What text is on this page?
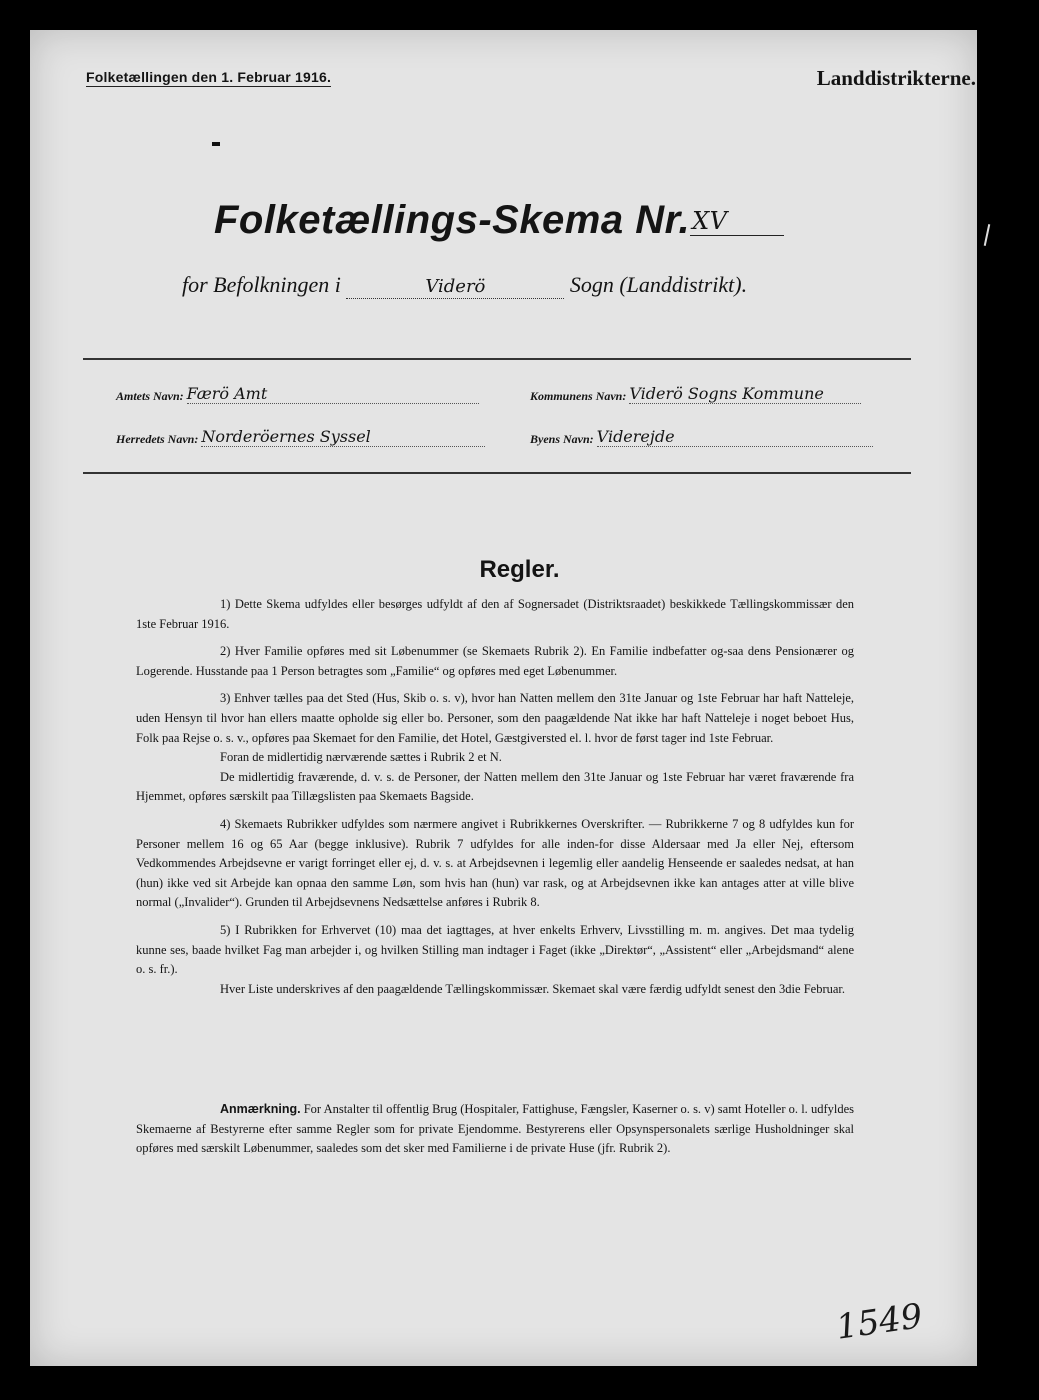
Folketællingen den 1. Februar 1916.	Landdistrikterne.
Folketællings-Skema Nr.XV
for Befolkningen i	Viderö	Sogn (Landdistrikt).
Amtets Navn: Færö Amt	Kommunens Navn: Viderö Sogns Kommune
Herredets Navn: Norderöernes Syssel	Byens Navn: Viderejde
Regler.

1) Dette Skema udfyldes eller besørges udfyldt af den af Sognersadet (Distriktsraadet) beskikkede Tællingskommissær den 1ste Februar 1916.

2) Hver Familie opføres med sit Løbenummer (se Skemaets Rubrik 2). En Familie indbefatter og-saa dens Pensionærer og Logerende. Husstande paa 1 Person betragtes som „Familie“ og opføres med eget Løbenummer.

3) Enhver tælles paa det Sted (Hus, Skib o. s. v), hvor han Natten mellem den 31te Januar og 1ste Februar har haft Natteleje, uden Hensyn til hvor han ellers maatte opholde sig eller bo. Personer, som den paagældende Nat ikke har haft Natteleje i noget beboet Hus, Folk paa Rejse o. s. v., opføres paa Skemaet for den Familie, det Hotel, Gæstgiversted el. l. hvor de først tager ind 1ste Februar.

Foran de midlertidig nærværende sættes i Rubrik 2 et N.

De midlertidig fraværende, d. v. s. de Personer, der Natten mellem den 31te Januar og 1ste Februar har været fraværende fra Hjemmet, opføres særskilt paa Tillægslisten paa Skemaets Bagside.

4) Skemaets Rubrikker udfyldes som nærmere angivet i Rubrikkernes Overskrifter. — Rubrikkerne 7 og 8 udfyldes kun for Personer mellem 16 og 65 Aar (begge inklusive). Rubrik 7 udfyldes for alle inden-for disse Aldersaar med Ja eller Nej, eftersom Vedkommendes Arbejdsevne er varigt forringet eller ej, d. v. s. at Arbejdsevnen i legemlig eller aandelig Henseende er saaledes nedsat, at han (hun) ikke ved sit Arbejde kan opnaa den samme Løn, som hvis han (hun) var rask, og at Arbejdsevnen ikke kan antages atter at ville blive normal („Invalider“). Grunden til Arbejdsevnens Nedsættelse anføres i Rubrik 8.

5) I Rubrikken for Erhvervet (10) maa det iagttages, at hver enkelts Erhverv, Livsstilling m. m. angives. Det maa tydelig kunne ses, baade hvilket Fag man arbejder i, og hvilken Stilling man indtager i Faget (ikke „Direktør“, „Assistent“ eller „Arbejdsmand“ alene o. s. fr.).

Hver Liste underskrives af den paagældende Tællingskommissær. Skemaet skal være færdig udfyldt senest den 3die Februar.

Anmærkning. For Anstalter til offentlig Brug (Hospitaler, Fattighuse, Fængsler, Kaserner o. s. v) samt Hoteller o. l. udfyldes Skemaerne af Bestyrerne efter samme Regler som for private Ejendomme. Bestyrerens eller Opsynspersonalets særlige Husholdninger skal opføres med særskilt Løbenummer, saaledes som det sker med Familierne i de private Huse (jfr. Rubrik 2).
1549
